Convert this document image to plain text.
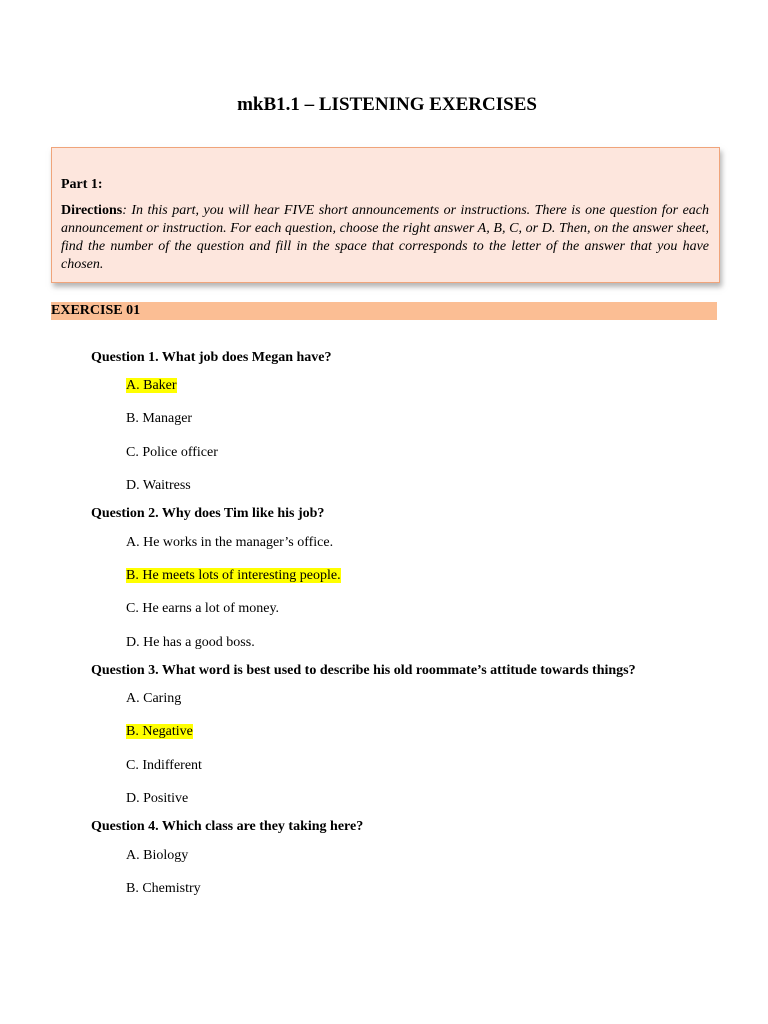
mkB1.1 – LISTENING EXERCISES

Part 1:

Directions: In this part, you will hear FIVE short announcements or instructions. There is one question for each announcement or instruction. For each question, choose the right answer A, B, C, or D. Then, on the answer sheet, find the number of the question and fill in the space that corresponds to the letter of the answer that you have chosen.

EXERCISE 01
Question 1. What job does Megan have?
A. Baker
B. Manager
C. Police officer
D. Waitress
Question 2. Why does Tim like his job?
A. He works in the manager’s office.
B. He meets lots of interesting people.
C. He earns a lot of money.
D. He has a good boss.
Question 3. What word is best used to describe his old roommate’s attitude towards things?
A. Caring
B. Negative
C. Indifferent
D. Positive
Question 4. Which class are they taking here?
A. Biology
B. Chemistry
